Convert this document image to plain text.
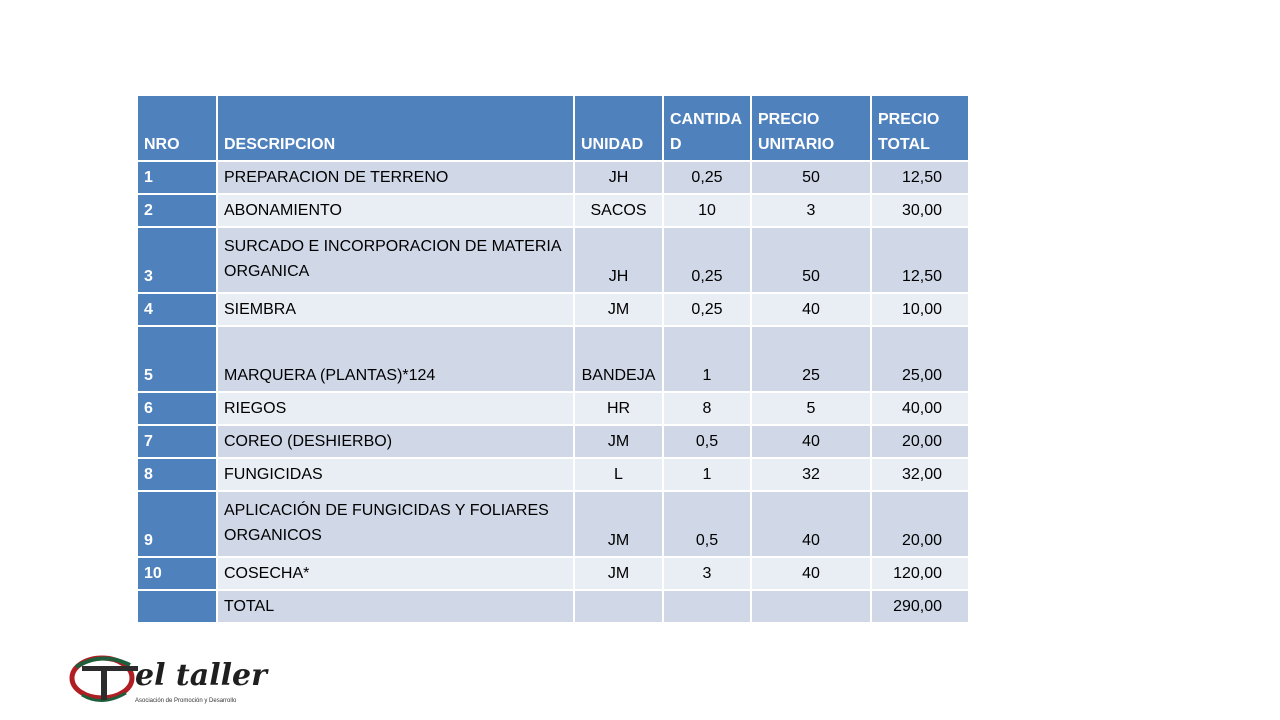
NRO	DESCRIPCION	UNIDAD	CANTIDAD	PRECIO UNITARIO	PRECIO TOTAL
1	PREPARACION DE TERRENO	JH	0,25	50	12,50
2	ABONAMIENTO	SACOS	10	3	30,00
3	SURCADO E INCORPORACION DE MATERIA ORGANICA	JH	0,25	50	12,50
4	SIEMBRA	JM	0,25	40	10,00
5	MARQUERA (PLANTAS)*124	BANDEJA	1	25	25,00
6	RIEGOS	HR	8	5	40,00
7	COREO (DESHIERBO)	JM	0,5	40	20,00
8	FUNGICIDAS	L	1	32	32,00
9	APLICACIÓN DE FUNGICIDAS Y FOLIARES ORGANICOS	JM	0,5	40	20,00
10	COSECHA*	JM	3	40	120,00
	TOTAL				290,00
el taller
Asociación de Promoción y Desarrollo
